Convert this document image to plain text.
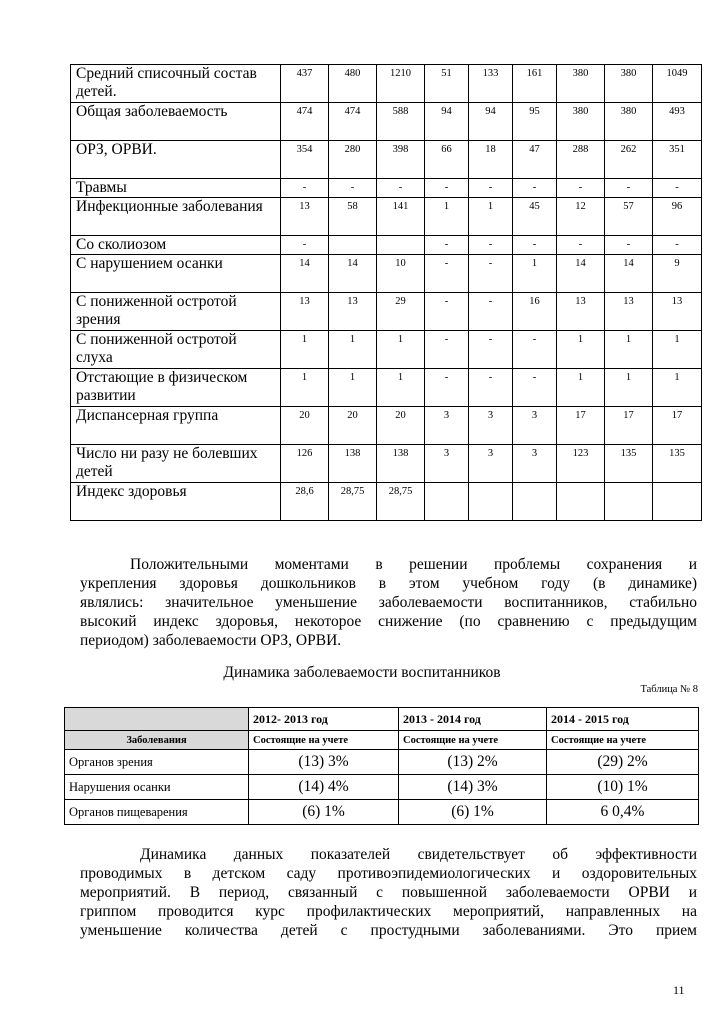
Средний списочный состав детей.	437	480	1210	51	133	161	380	380	1049
Общая заболеваемость	474	474	588	94	94	95	380	380	493
ОРЗ, ОРВИ.	354	280	398	66	18	47	288	262	351
Травмы	-	-	-	-	-	-	-	-	-
Инфекционные заболевания	13	58	141	1	1	45	12	57	96
Со сколиозом	-			-	-	-	-	-	-
С нарушением осанки	14	14	10	-	-	1	14	14	9
С пониженной остротой зрения	13	13	29	-	-	16	13	13	13
С пониженной остротой слуха	1	1	1	-	-	-	1	1	1
Отстающие в физическом развитии	1	1	1	-	-	-	1	1	1
Диспансерная группа	20	20	20	3	3	3	17	17	17
Число ни разу не болевших детей	126	138	138	3	3	3	123	135	135
Индекс здоровья	28,6	28,75	28,75						

Положительными моментами в решении проблемы сохранения и
укрепления здоровья дошкольников в этом учебном году (в динамике)
являлись: значительное уменьшение заболеваемости воспитанников, стабильно
высокий индекс здоровья, некоторое снижение (по сравнению с предыдущим
периодом) заболеваемости ОРЗ, ОРВИ.

Динамика заболеваемости воспитанников
Таблица № 8
	2012- 2013 год	2013 - 2014 год	2014 - 2015 год
Заболевания	Состоящие на учете	Состоящие на учете	Состоящие на учете
Органов зрения	(13) 3%	(13) 2%	(29) 2%
Нарушения осанки	(14) 4%	(14) 3%	(10) 1%
Органов пищеварения	(6) 1%	(6) 1%	6 0,4%

Динамика данных показателей свидетельствует об эффективности
проводимых в детском саду противоэпидемиологических и оздоровительных
мероприятий. В период, связанный с повышенной заболеваемости ОРВИ и
гриппом проводится курс профилактических мероприятий, направленных на
уменьшение количества детей с простудными заболеваниями. Это прием

11
